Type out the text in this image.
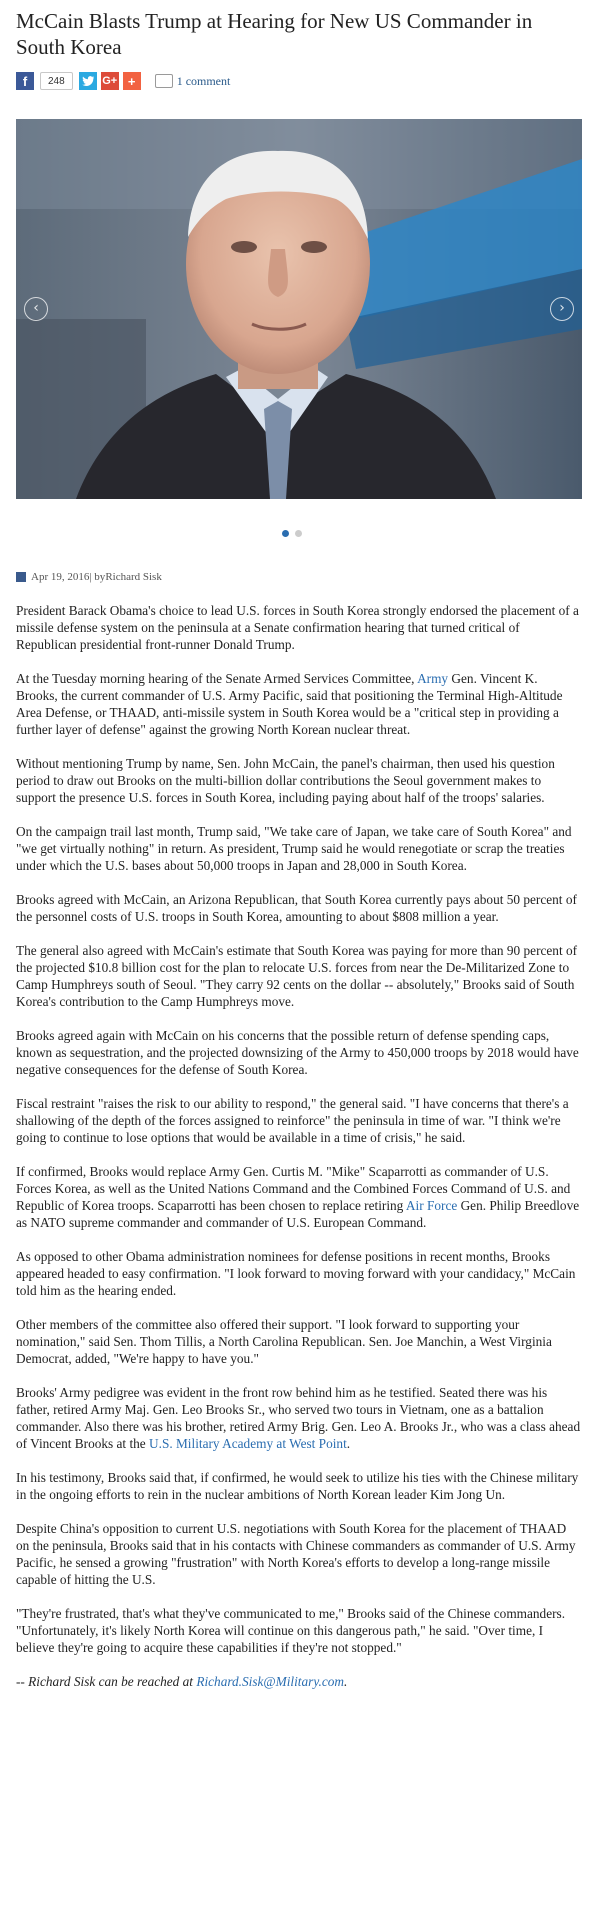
McCain Blasts Trump at Hearing for New US Commander in South Korea
f	248	G+ +	1 comment
‹	›
Apr 19, 2016 | by Richard Sisk

President Barack Obama's choice to lead U.S. forces in South Korea strongly endorsed the placement of a missile defense system on the peninsula at a Senate confirmation hearing that turned critical of Republican presidential front-runner Donald Trump.

At the Tuesday morning hearing of the Senate Armed Services Committee, Army Gen. Vincent K. Brooks, the current commander of U.S. Army Pacific, said that positioning the Terminal High-Altitude Area Defense, or THAAD, anti-missile system in South Korea would be a "critical step in providing a further layer of defense" against the growing North Korean nuclear threat.

Without mentioning Trump by name, Sen. John McCain, the panel's chairman, then used his question period to draw out Brooks on the multi-billion dollar contributions the Seoul government makes to support the presence U.S. forces in South Korea, including paying about half of the troops' salaries.

On the campaign trail last month, Trump said, "We take care of Japan, we take care of South Korea" and "we get virtually nothing" in return. As president, Trump said he would renegotiate or scrap the treaties under which the U.S. bases about 50,000 troops in Japan and 28,000 in South Korea.

Brooks agreed with McCain, an Arizona Republican, that South Korea currently pays about 50 percent of the personnel costs of U.S. troops in South Korea, amounting to about $808 million a year.

The general also agreed with McCain's estimate that South Korea was paying for more than 90 percent of the projected $10.8 billion cost for the plan to relocate U.S. forces from near the De-Militarized Zone to Camp Humphreys south of Seoul. "They carry 92 cents on the dollar -- absolutely," Brooks said of South Korea's contribution to the Camp Humphreys move.

Brooks agreed again with McCain on his concerns that the possible return of defense spending caps, known as sequestration, and the projected downsizing of the Army to 450,000 troops by 2018 would have negative consequences for the defense of South Korea.

Fiscal restraint "raises the risk to our ability to respond," the general said. "I have concerns that there's a shallowing of the depth of the forces assigned to reinforce" the peninsula in time of war. "I think we're going to continue to lose options that would be available in a time of crisis," he said.

If confirmed, Brooks would replace Army Gen. Curtis M. "Mike" Scaparrotti as commander of U.S. Forces Korea, as well as the United Nations Command and the Combined Forces Command of U.S. and Republic of Korea troops. Scaparrotti has been chosen to replace retiring Air Force Gen. Philip Breedlove as NATO supreme commander and commander of U.S. European Command.

As opposed to other Obama administration nominees for defense positions in recent months, Brooks appeared headed to easy confirmation. "I look forward to moving forward with your candidacy," McCain told him as the hearing ended.

Other members of the committee also offered their support. "I look forward to supporting your nomination," said Sen. Thom Tillis, a North Carolina Republican. Sen. Joe Manchin, a West Virginia Democrat, added, "We're happy to have you."

Brooks' Army pedigree was evident in the front row behind him as he testified. Seated there was his father, retired Army Maj. Gen. Leo Brooks Sr., who served two tours in Vietnam, one as a battalion commander. Also there was his brother, retired Army Brig. Gen. Leo A. Brooks Jr., who was a class ahead of Vincent Brooks at the U.S. Military Academy at West Point.

In his testimony, Brooks said that, if confirmed, he would seek to utilize his ties with the Chinese military in the ongoing efforts to rein in the nuclear ambitions of North Korean leader Kim Jong Un.

Despite China's opposition to current U.S. negotiations with South Korea for the placement of THAAD on the peninsula, Brooks said that in his contacts with Chinese commanders as commander of U.S. Army Pacific, he sensed a growing "frustration" with North Korea's efforts to develop a long-range missile capable of hitting the U.S.

"They're frustrated, that's what they've communicated to me," Brooks said of the Chinese commanders. "Unfortunately, it's likely North Korea will continue on this dangerous path," he said. "Over time, I believe they're going to acquire these capabilities if they're not stopped."

-- Richard Sisk can be reached at Richard.Sisk@Military.com.
